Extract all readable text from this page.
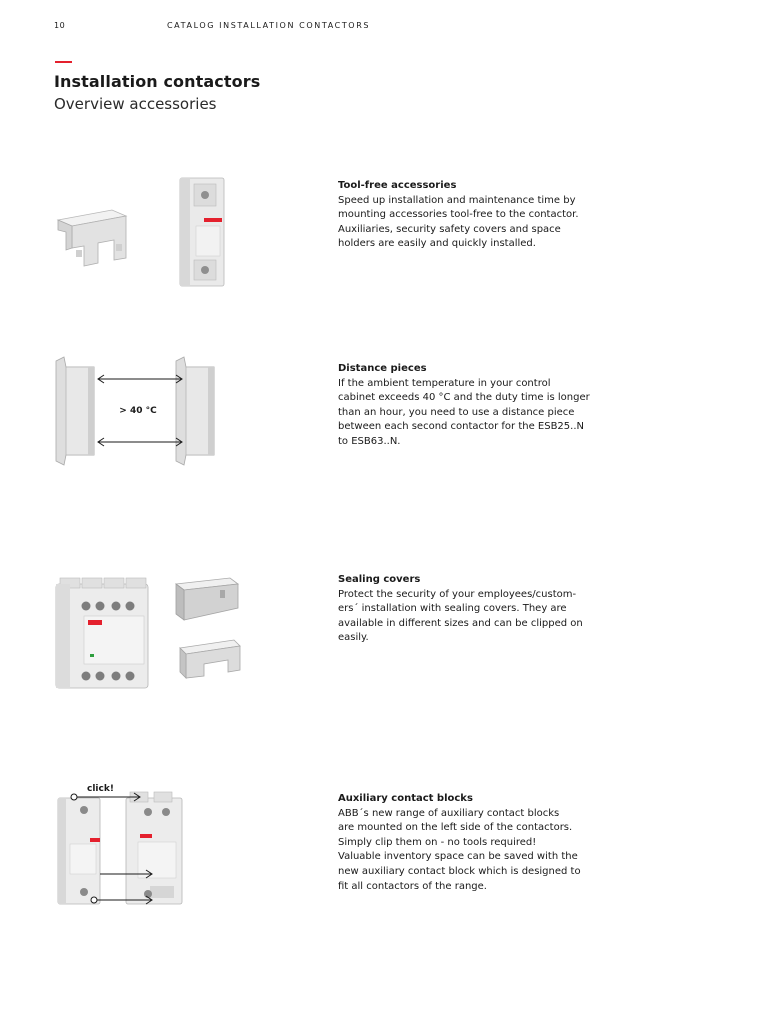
10	CATALOG INSTALLATION CONTACTORS
Installation contactors
Overview accessories
Tool-free accessories
Speed up installation and maintenance time by
mounting accessories tool-free to the contactor.
Auxiliaries, security safety covers and space
holders are easily and quickly installed.
> 40 °C
Distance pieces
If the ambient temperature in your control
cabinet exceeds 40 °C and the duty time is longer
than an hour, you need to use a distance piece
between each second contactor for the ESB25..N
to ESB63..N.
Sealing covers
Protect the security of your employees/custom-
ers´ installation with sealing covers. They are
available in different sizes and can be clipped on
easily.
click!
Auxiliary contact blocks
ABB´s new range of auxiliary contact blocks
are mounted on the left side of the contactors.
Simply clip them on - no tools required!
Valuable inventory space can be saved with the
new auxiliary contact block which is designed to
fit all contactors of the range.
